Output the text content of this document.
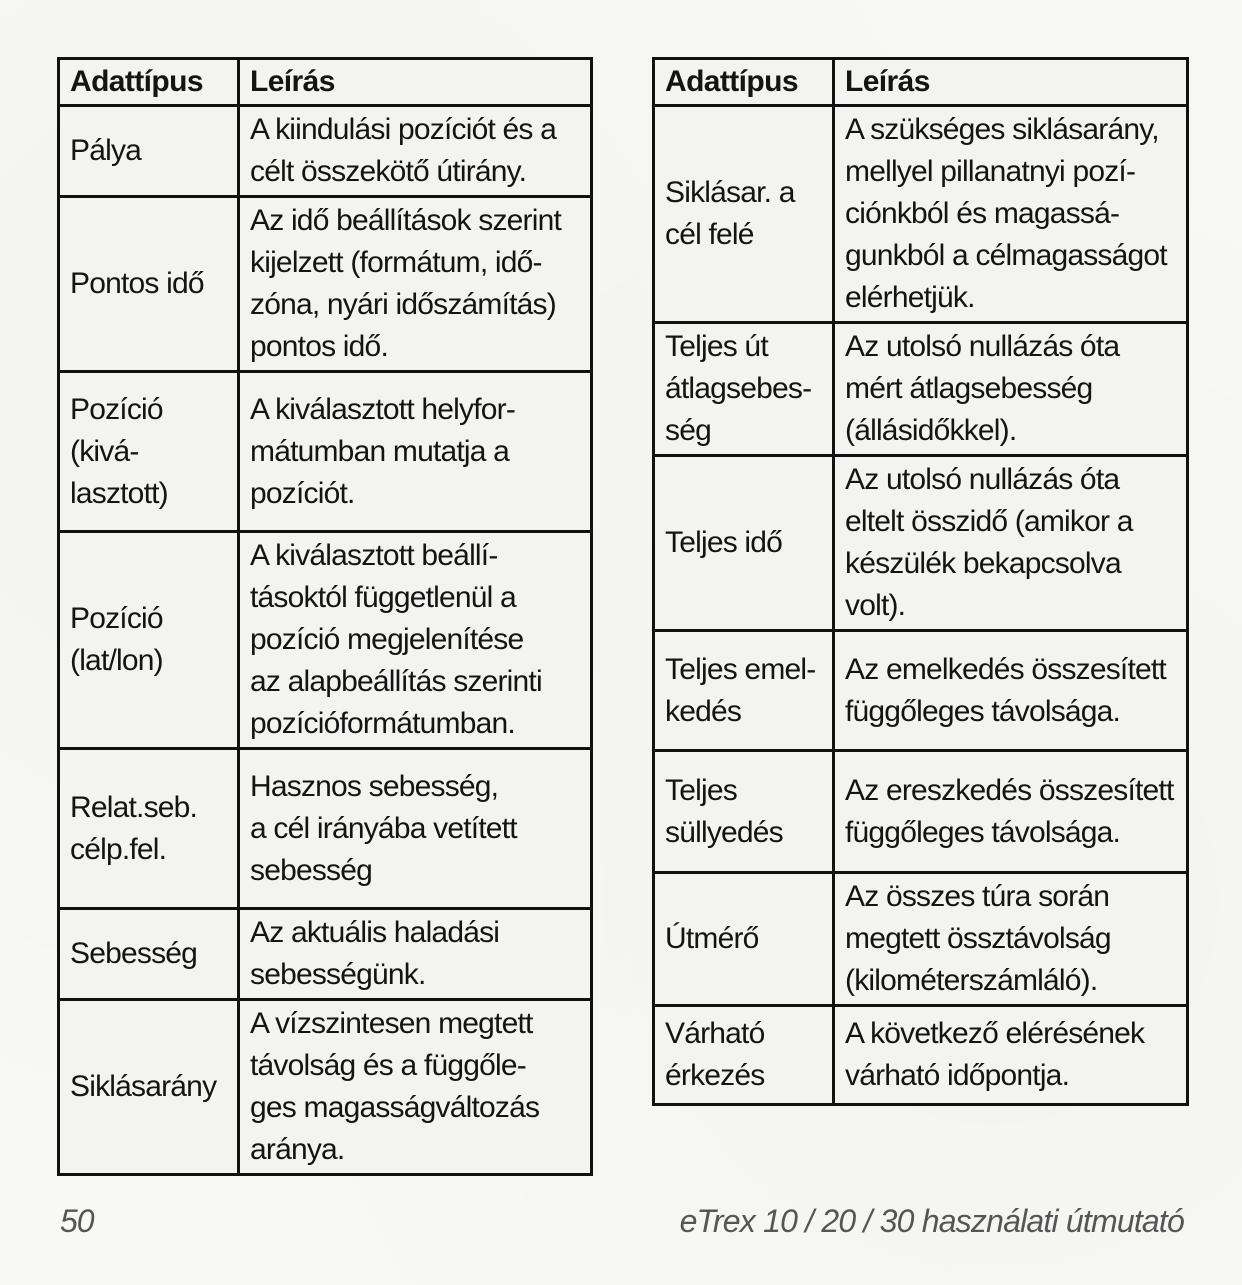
Adattípus	Leírás

Pálya	A kiindulási pozíciót és a
célt összekötő útirány.

Pontos idő	Az idő beállítások szerint
kijelzett (formátum, idő-
zóna, nyári időszámítás)
pontos idő.

Pozíció
(kivá-
lasztott)	A kiválasztott helyfor-
mátumban mutatja a
pozíciót.

Pozíció
(lat/lon)	A kiválasztott beállí-
tásoktól függetlenül a
pozíció megjelenítése
az alapbeállítás szerinti
pozícióformátumban.

Relat.seb.
célp.fel.	Hasznos sebesség,
a cél irányába vetített
sebesség

Sebesség	Az aktuális haladási
sebességünk.

Siklásarány	A vízszintesen megtett
távolság és a függőle-
ges magasságváltozás
aránya.
Adattípus	Leírás

Siklásar. a
cél felé	A szükséges siklásarány,
mellyel pillanatnyi pozí-
ciónkból és magassá-
gunkból a célmagasságot
elérhetjük.

Teljes út
átlagsebes-
ség	Az utolsó nullázás óta
mért átlagsebesség
(állásidőkkel).

Teljes idő	Az utolsó nullázás óta
eltelt összidő (amikor a
készülék bekapcsolva
volt).

Teljes emel-
kedés	Az emelkedés összesített
függőleges távolsága.

Teljes
süllyedés	Az ereszkedés összesített
függőleges távolsága.

Útmérő	Az összes túra során
megtett össztávolság
(kilométerszámláló).

Várható
érkezés	A következő elérésének
várható időpontja.
50	eTrex 10 / 20 / 30 használati útmutató
